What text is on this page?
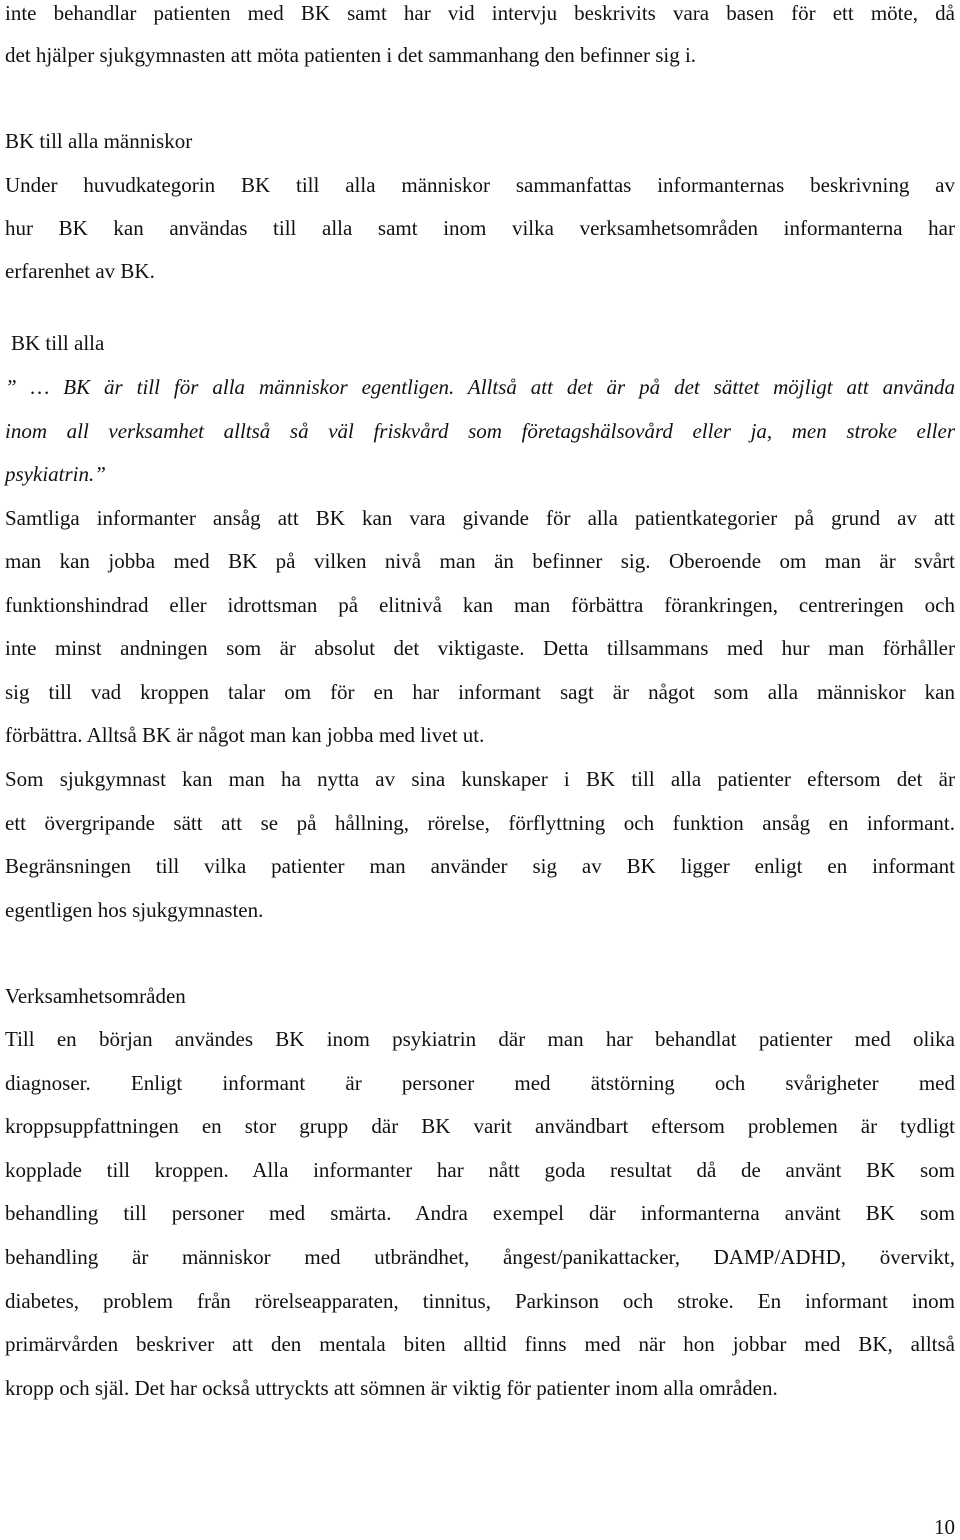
inte behandlar patienten med BK samt har vid intervju beskrivits vara basen för ett möte, då
det hjälper sjukgymnasten att möta patienten i det sammanhang den befinner sig i.
BK till alla människor
Under huvudkategorin BK till alla människor sammanfattas informanternas beskrivning av
hur BK kan användas till alla samt inom vilka verksamhetsområden informanterna har
erfarenhet av BK.
BK till alla
” … BK är till för alla människor egentligen. Alltså att det är på det sättet möjligt att använda
inom all verksamhet alltså så väl friskvård som företagshälsovård eller ja, men stroke eller
psykiatrin.”
Samtliga informanter ansåg att BK kan vara givande för alla patientkategorier på grund av att
man kan jobba med BK på vilken nivå man än befinner sig. Oberoende om man är svårt
funktionshindrad eller idrottsman på elitnivå kan man förbättra förankringen, centreringen och
inte minst andningen som är absolut det viktigaste. Detta tillsammans med hur man förhåller
sig till vad kroppen talar om för en har informant sagt är något som alla människor kan
förbättra. Alltså BK är något man kan jobba med livet ut.
Som sjukgymnast kan man ha nytta av sina kunskaper i BK till alla patienter eftersom det är
ett övergripande sätt att se på hållning, rörelse, förflyttning och funktion ansåg en informant.
Begränsningen till vilka patienter man använder sig av BK ligger enligt en informant
egentligen hos sjukgymnasten.
Verksamhetsområden
Till en början användes BK inom psykiatrin där man har behandlat patienter med olika
diagnoser. Enligt informant är personer med ätstörning och svårigheter med
kroppsuppfattningen en stor grupp där BK varit användbart eftersom problemen är tydligt
kopplade till kroppen. Alla informanter har nått goda resultat då de använt BK som
behandling till personer med smärta. Andra exempel där informanterna använt BK som
behandling är människor med utbrändhet, ångest/panikattacker, DAMP/ADHD, övervikt,
diabetes, problem från rörelseapparaten, tinnitus, Parkinson och stroke. En informant inom
primärvården beskriver att den mentala biten alltid finns med när hon jobbar med BK, alltså
kropp och själ. Det har också uttryckts att sömnen är viktig för patienter inom alla områden.
10
